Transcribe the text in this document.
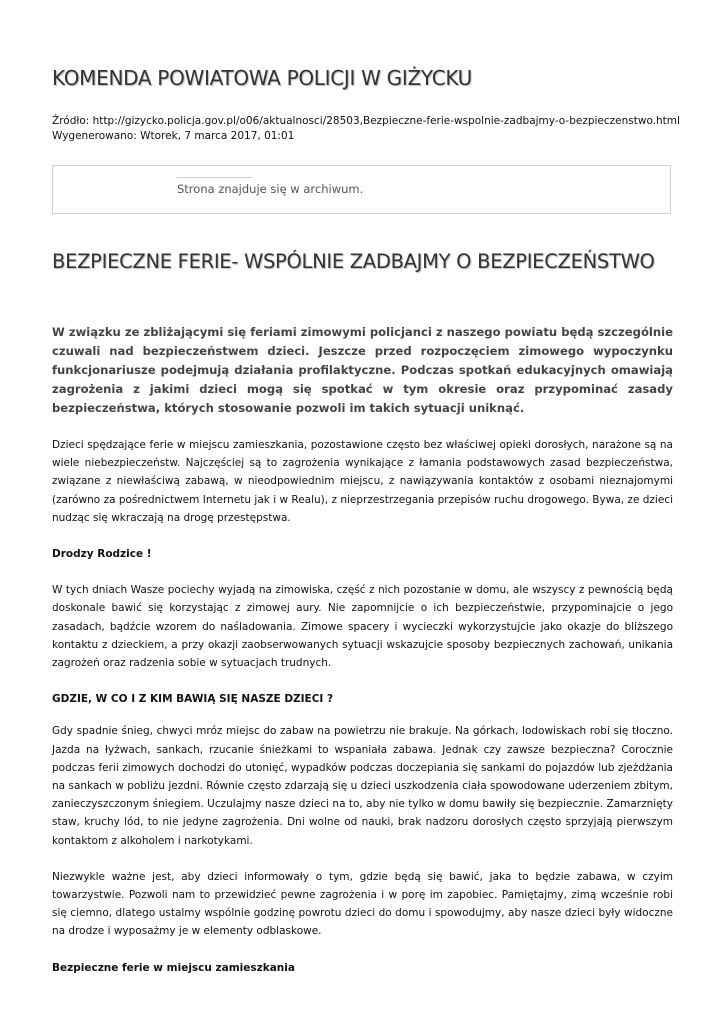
KOMENDA POWIATOWA POLICJI W GIŻYCKU
Źródło: http://gizycko.policja.gov.pl/o06/aktualnosci/28503,Bezpieczne-ferie-wspolnie-zadbajmy-o-bezpieczenstwo.html
Wygenerowano: Wtorek, 7 marca 2017, 01:01
Strona znajduje się w archiwum.
BEZPIECZNE FERIE- WSPÓLNIE ZADBAJMY O BEZPIECZEŃSTWO

W związku ze zbliżającymi się feriami zimowymi policjanci z naszego powiatu będą szczególnie czuwali nad bezpieczeństwem dzieci. Jeszcze przed rozpoczęciem zimowego wypoczynku funkcjonariusze podejmują działania profilaktyczne. Podczas spotkań edukacyjnych omawiają zagrożenia z jakimi dzieci mogą się spotkać w tym okresie oraz przypominać zasady bezpieczeństwa, których stosowanie pozwoli im takich sytuacji uniknąć.

Dzieci spędzające ferie w miejscu zamieszkania, pozostawione często bez właściwej opieki dorosłych, narażone są na wiele niebezpieczeństw. Najczęściej są to zagrożenia wynikające z łamania podstawowych zasad bezpieczeństwa, związane z niewłaściwą zabawą, w nieodpowiednim miejscu, z nawiązywania kontaktów z osobami nieznajomymi (zarówno za pośrednictwem Internetu jak i w Realu), z nieprzestrzegania przepisów ruchu drogowego. Bywa, ze dzieci nudząc się wkraczają na drogę przestępstwa.

Drodzy Rodzice !

W tych dniach Wasze pociechy wyjadą na zimowiska, część z nich pozostanie w domu, ale wszyscy z pewnością będą doskonale bawić się korzystając z zimowej aury. Nie zapomnijcie o ich bezpieczeństwie, przypominajcie o jego zasadach, bądźcie wzorem do naśladowania. Zimowe spacery i wycieczki wykorzystujcie jako okazje do bliższego kontaktu z dzieckiem, a przy okazji zaobserwowanych sytuacji wskazujcie sposoby bezpiecznych zachowań, unikania zagrożeń oraz radzenia sobie w sytuacjach trudnych.

GDZIE, W CO I Z KIM BAWIĄ SIĘ NASZE DZIECI ?

Gdy spadnie śnieg, chwyci mróz miejsc do zabaw na powietrzu nie brakuje. Na górkach, lodowiskach robi się tłoczno. Jazda na łyżwach, sankach, rzucanie śnieżkami to wspaniała zabawa. Jednak czy zawsze bezpieczna? Corocznie podczas ferii zimowych dochodzi do utonięć, wypadków podczas doczepiania się sankami do pojazdów lub zjeżdżania na sankach w pobliżu jezdni. Równie często zdarzają się u dzieci uszkodzenia ciała spowodowane uderzeniem zbitym, zanieczyszczonym śniegiem. Uczulajmy nasze dzieci na to, aby nie tylko w domu bawiły się bezpiecznie. Zamarznięty staw, kruchy lód, to nie jedyne zagrożenia. Dni wolne od nauki, brak nadzoru dorosłych często sprzyjają pierwszym kontaktom z alkoholem i narkotykami.

Niezwykle ważne jest, aby dzieci informowały o tym, gdzie będą się bawić, jaka to będzie zabawa, w czyim towarzystwie. Pozwoli nam to przewidzieć pewne zagrożenia i w porę im zapobiec. Pamiętajmy, zimą wcześnie robi się ciemno, dlatego ustalmy wspólnie godzinę powrotu dzieci do domu i spowodujmy, aby nasze dzieci były widoczne na drodze i wyposażmy je w elementy odblaskowe.

Bezpieczne ferie w miejscu zamieszkania
